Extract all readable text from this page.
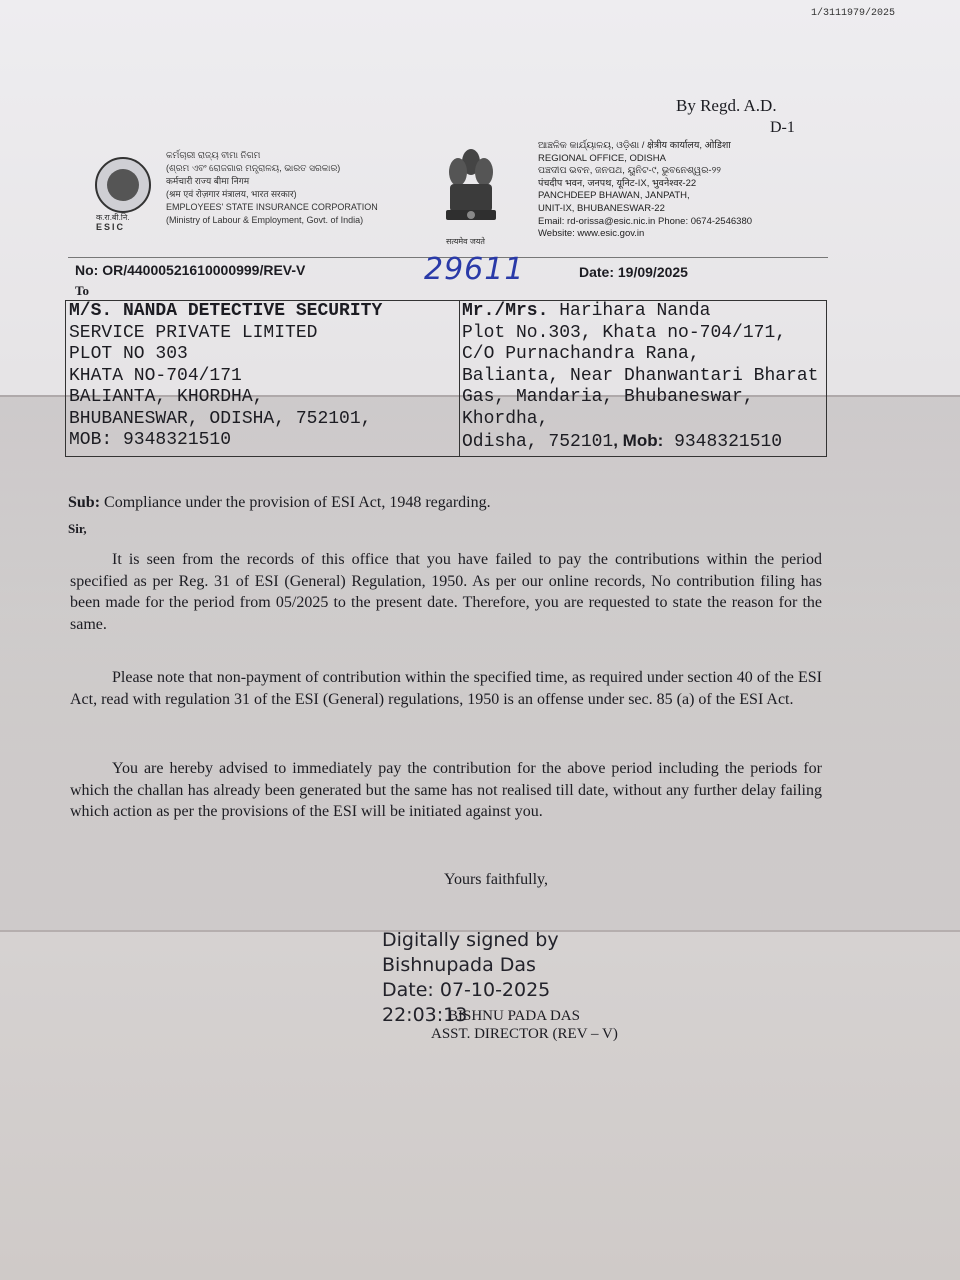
1/3111979/2025
By Regd. A.D.
D-1
क.रा.बी.नि.
ESIC
କର୍ମଚାରୀ ରାଜ୍ୟ ବୀମା ନିଗମ
(ଶ୍ରମ ଏବଂ ରୋଜଗାର ମନ୍ତ୍ରାଳୟ, ଭାରତ ସରକାର)
कर्मचारी राज्य बीमा निगम
(श्रम एवं रोज़गार मंत्रालय, भारत सरकार)
EMPLOYEES' STATE INSURANCE CORPORATION
(Ministry of Labour & Employment, Govt. of India)
सत्यमेव जयते
ଆଞ୍ଚଳିକ କାର୍ଯ୍ୟାଳୟ, ଓଡ଼ିଶା / क्षेत्रीय कार्यालय, ओडिशा
REGIONAL OFFICE, ODISHA
ପଞ୍ଚଦୀପ ଭବନ, ଜନପଥ, ୟୁନିଟ-୯, ଭୁବନେଶ୍ୱର-୨୨
पंचदीप भवन, जनपथ, यूनिट-IX, भुवनेश्वर-22
PANCHDEEP BHAWAN, JANPATH,
UNIT-IX, BHUBANESWAR-22
Email: rd-orissa@esic.nic.in Phone: 0674-2546380
Website: www.esic.gov.in
No: OR/44000521610000999/REV-V	29611	Date: 19/09/2025
To
M/S. NANDA DETECTIVE SECURITY
SERVICE PRIVATE LIMITED
PLOT NO 303
KHATA NO-704/171
BALIANTA, KHORDHA,
BHUBANESWAR, ODISHA, 752101,
MOB: 9348321510
Mr./Mrs. Harihara Nanda
Plot No.303, Khata no-704/171,
C/O Purnachandra Rana,
Balianta, Near Dhanwantari Bharat
Gas, Mandaria, Bhubaneswar,
Khordha,
Odisha, 752101, Mob: 9348321510
Sub: Compliance under the provision of ESI Act, 1948 regarding.
Sir,
It is seen from the records of this office that you have failed to pay the contributions within the period specified as per Reg. 31 of ESI (General) Regulation, 1950. As per our online records, No contribution filing has been made for the period from 05/2025 to the present date. Therefore, you are requested to state the reason for the same.
Please note that non-payment of contribution within the specified time, as required under section 40 of the ESI Act, read with regulation 31 of the ESI (General) regulations, 1950 is an offense under sec. 85 (a) of the ESI Act.
You are hereby advised to immediately pay the contribution for the above period including the periods for which the challan has already been generated but the same has not realised till date, without any further delay failing which action as per the provisions of the ESI will be initiated against you.
Yours faithfully,
Digitally signed by
Bishnupada Das
Date: 07-10-2025
22:03:13
BISHNU PADA DAS
ASST. DIRECTOR (REV – V)
